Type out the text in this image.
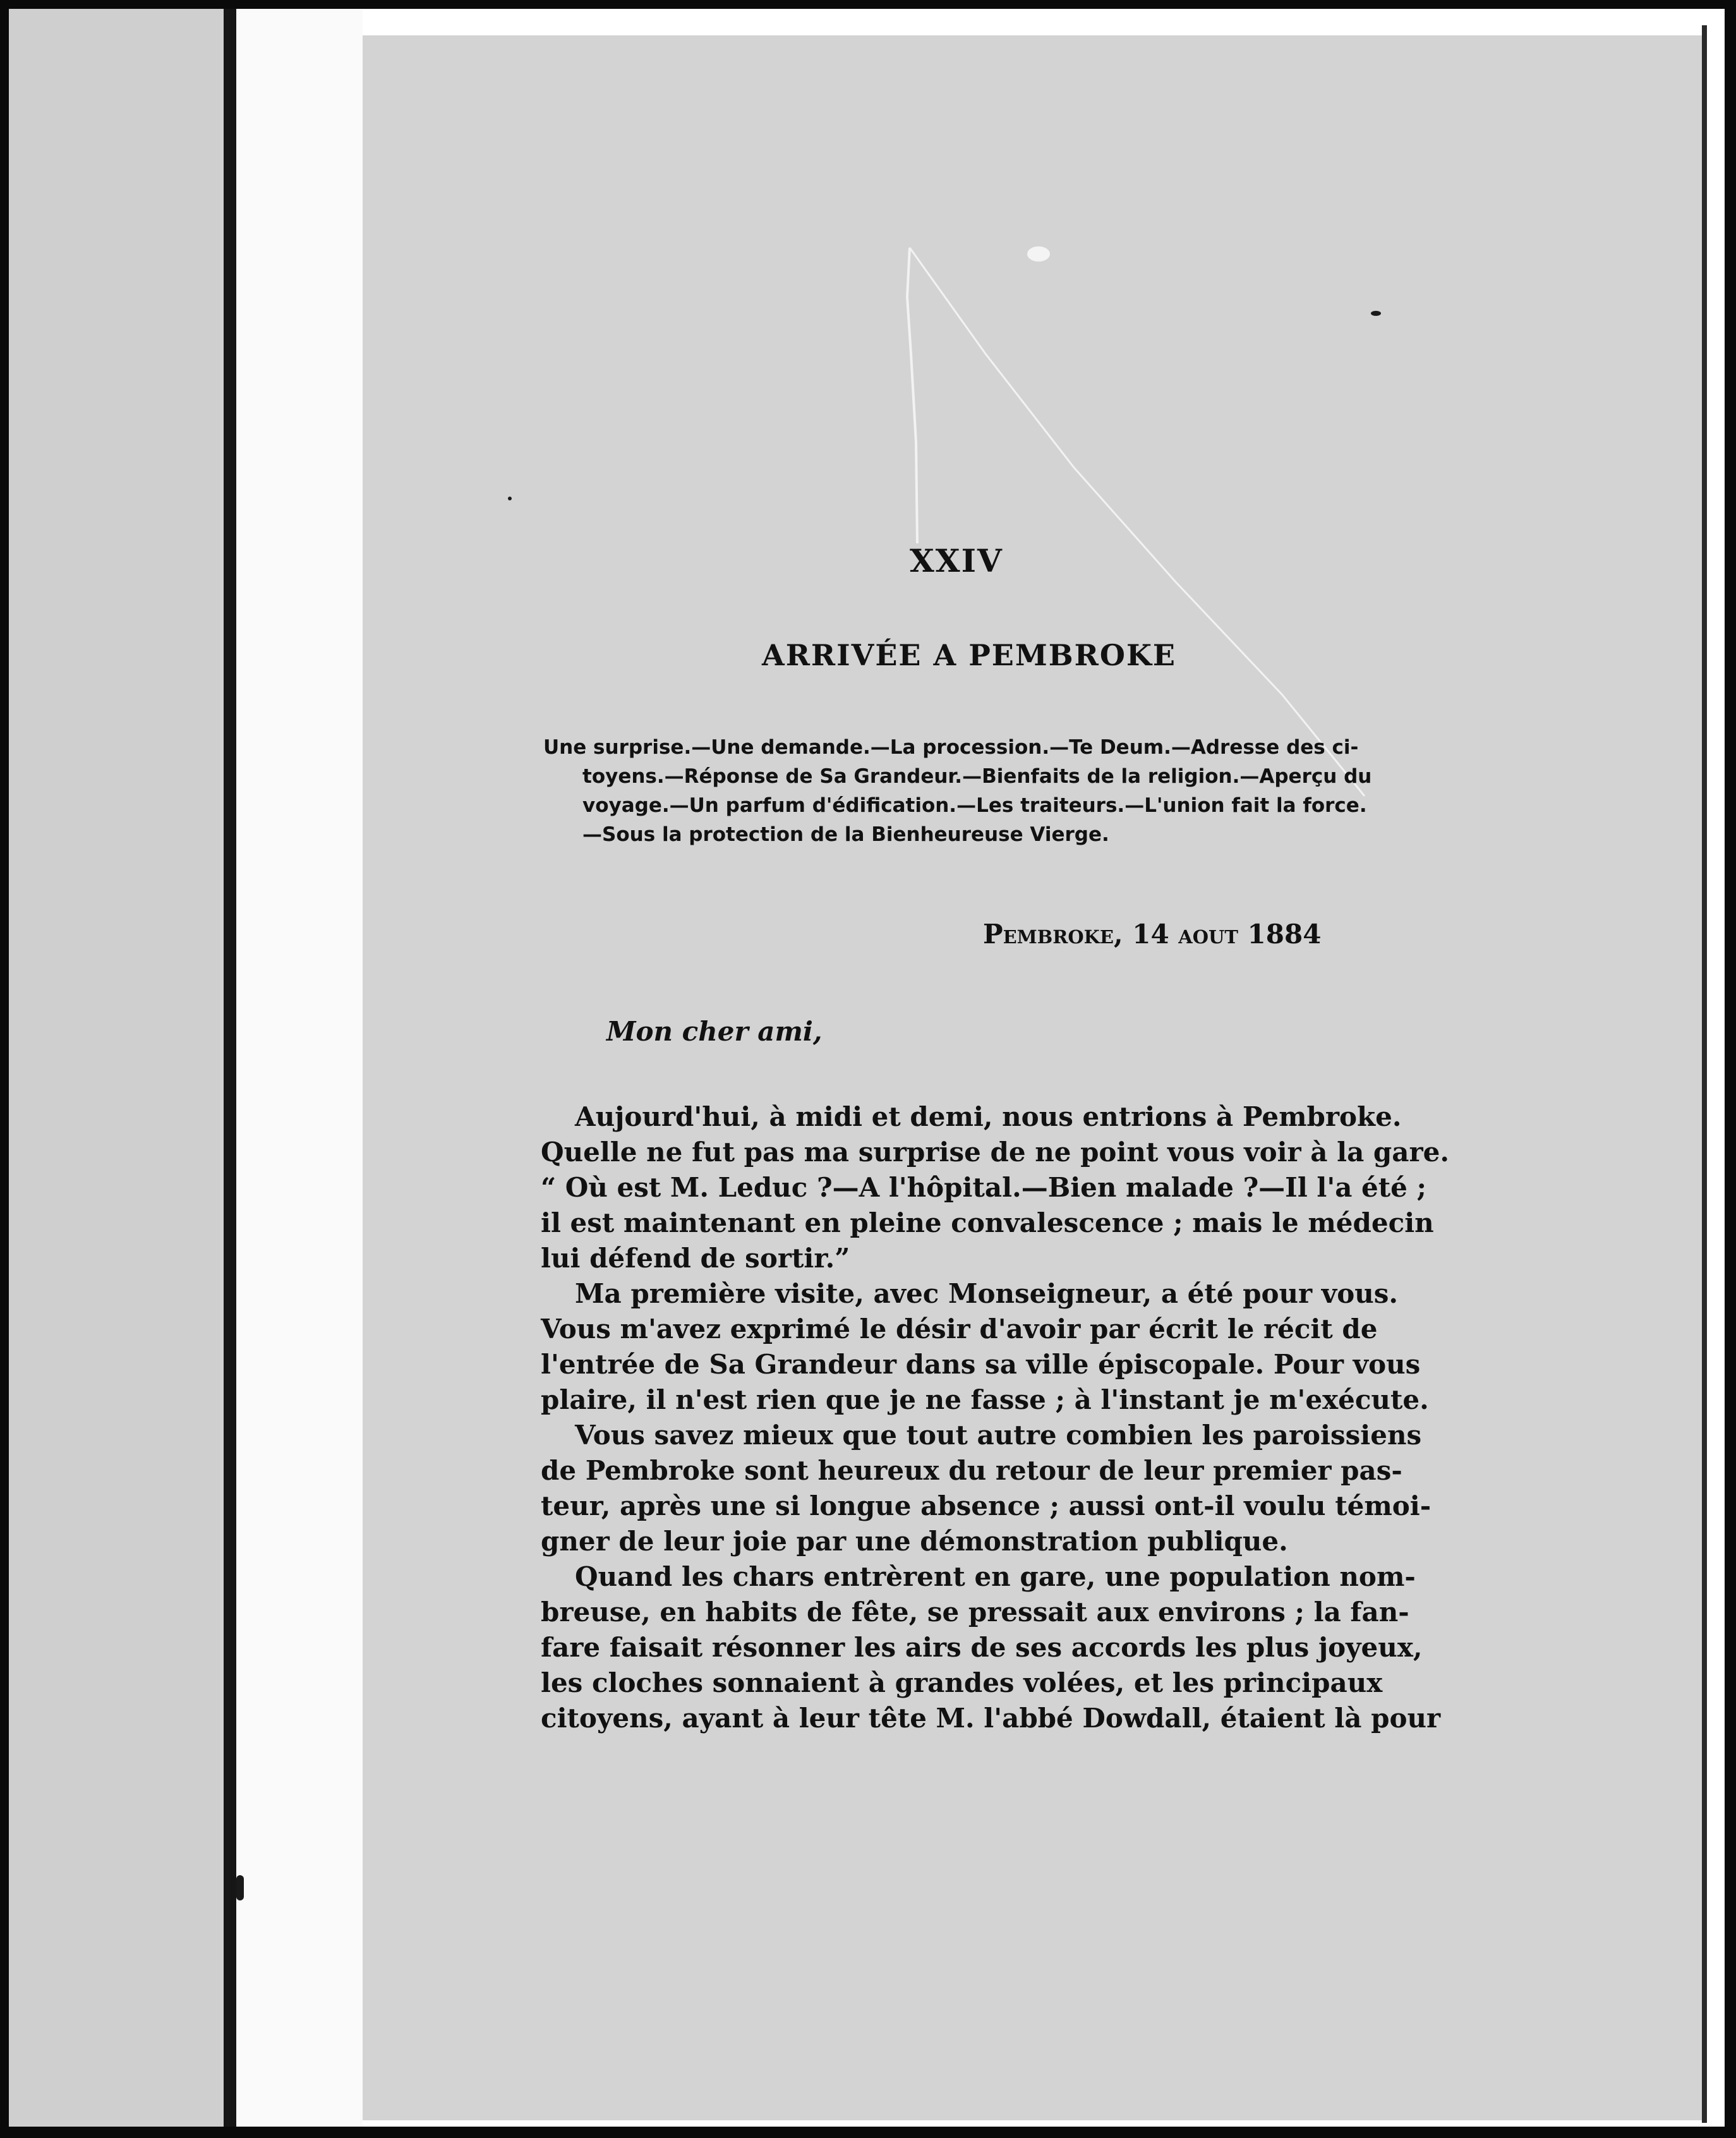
XXIV
ARRIVÉE A PEMBROKE
Une surprise.—Une demande.—La procession.—Te Deum.—Adresse des ci-
toyens.—Réponse de Sa Grandeur.—Bienfaits de la religion.—Aperçu du
voyage.—Un parfum d'édification.—Les traiteurs.—L'union fait la force.
—Sous la protection de la Bienheureuse Vierge.
Pembroke, 14 aout 1884
Mon cher ami,
Aujourd'hui, à midi et demi, nous entrions à Pembroke.
Quelle ne fut pas ma surprise de ne point vous voir à la gare.
“ Où est M. Leduc ?—A l'hôpital.—Bien malade ?—Il l'a été ;
il est maintenant en pleine convalescence ; mais le médecin
lui défend de sortir.”
Ma première visite, avec Monseigneur, a été pour vous.
Vous m'avez exprimé le désir d'avoir par écrit le récit de
l'entrée de Sa Grandeur dans sa ville épiscopale. Pour vous
plaire, il n'est rien que je ne fasse ; à l'instant je m'exécute.
Vous savez mieux que tout autre combien les paroissiens
de Pembroke sont heureux du retour de leur premier pas-
teur, après une si longue absence ; aussi ont-il voulu témoi-
gner de leur joie par une démonstration publique.
Quand les chars entrèrent en gare, une population nom-
breuse, en habits de fête, se pressait aux environs ; la fan-
fare faisait résonner les airs de ses accords les plus joyeux,
les cloches sonnaient à grandes volées, et les principaux
citoyens, ayant à leur tête M. l'abbé Dowdall, étaient là pour
